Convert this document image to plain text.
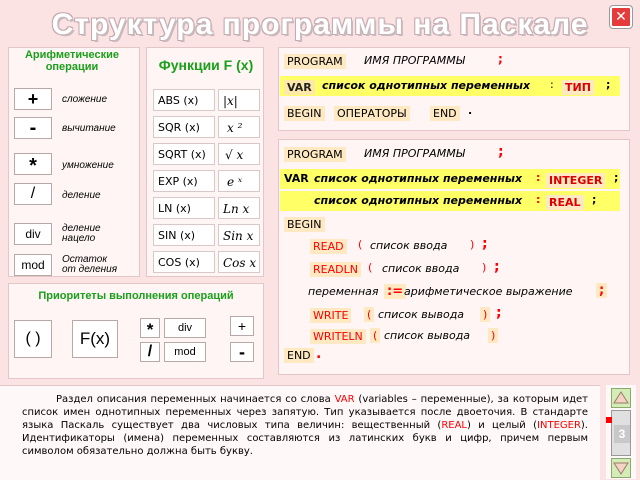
Структура программы на Паскале	✕
Арифметические
операции
+	сложение
-	вычитание
*	умножение
/	деление
div	деление
нацело
mod	Остаток
от деления
Функции F (x)
ABS (x)	|x|
SQR (x)	x ²
SQRT (x)	√ x
EXP (x)	e ˣ
LN (x)	Ln x
SIN (x)	Sin x
COS (x)	Cos x
Приоритеты выполнения операций
( )	F(x)	*	div
/	mod
+
-
PROGRAM ИМЯ ПРОГРАММЫ	;
VAR список однотипных переменных : ТИП ;
BEGIN ОПЕРАТОРЫ END .
PROGRAM ИМЯ ПРОГРАММЫ ;
VAR список однотипных переменных : INTEGER ;
список однотипных переменных : REAL ;
BEGIN
READ ( список ввода ) ;
READLN ( список ввода ) ;
переменная := арифметическое выражение ;
WRITE ( список вывода ) ;
WRITELN ( список вывода )
END .
Раздел описания переменных начинается со слова VAR (variables – переменные), за которым идет список имен однотипных переменных через запятую. Тип указывается после двоеточия. В стандарте языка Паскаль существует два числовых типа величин: вещественный (REAL) и целый (INTEGER). Идентификаторы (имена) переменных составляются из латинских букв и цифр, причем первым символом обязательно должна быть букву.
3
